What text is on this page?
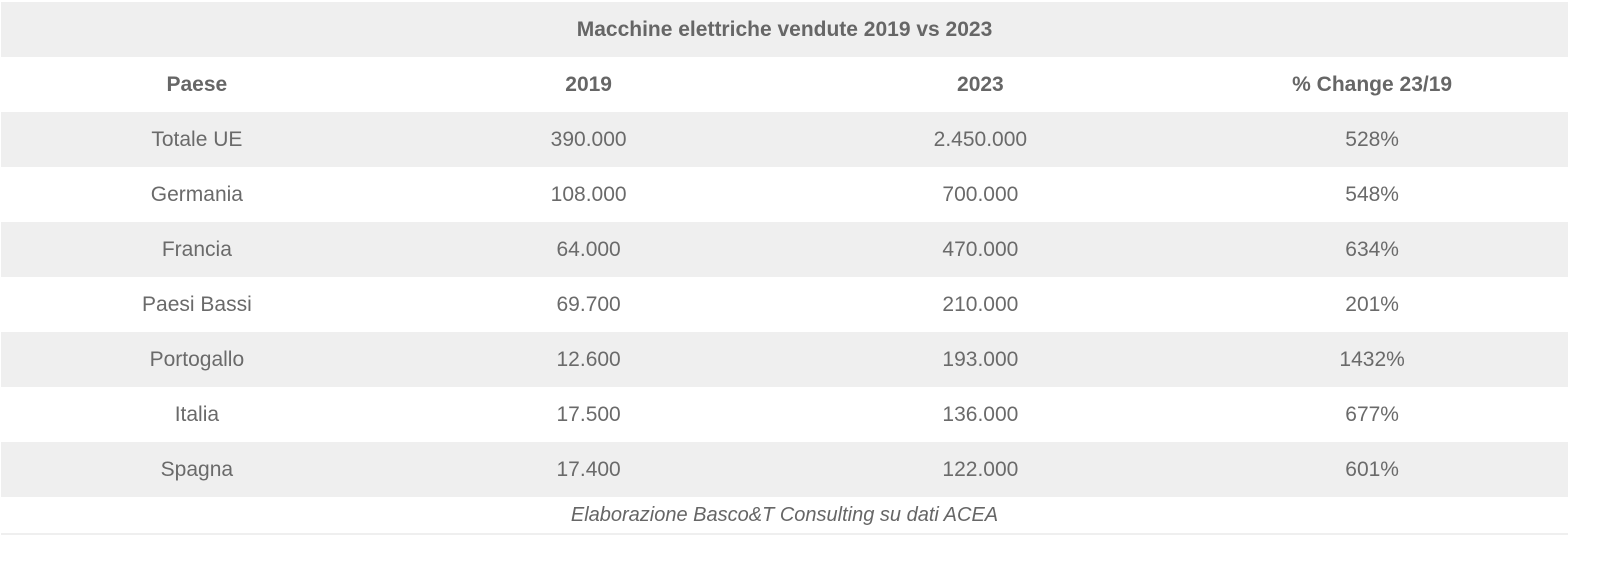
Macchine elettriche vendute 2019 vs 2023
Paese	2019	2023	% Change 23/19
Totale UE	390.000	2.450.000	528%
Germania	108.000	700.000	548%
Francia	64.000	470.000	634%
Paesi Bassi	69.700	210.000	201%
Portogallo	12.600	193.000	1432%
Italia	17.500	136.000	677%
Spagna	17.400	122.000	601%
Elaborazione Basco&T Consulting su dati ACEA
